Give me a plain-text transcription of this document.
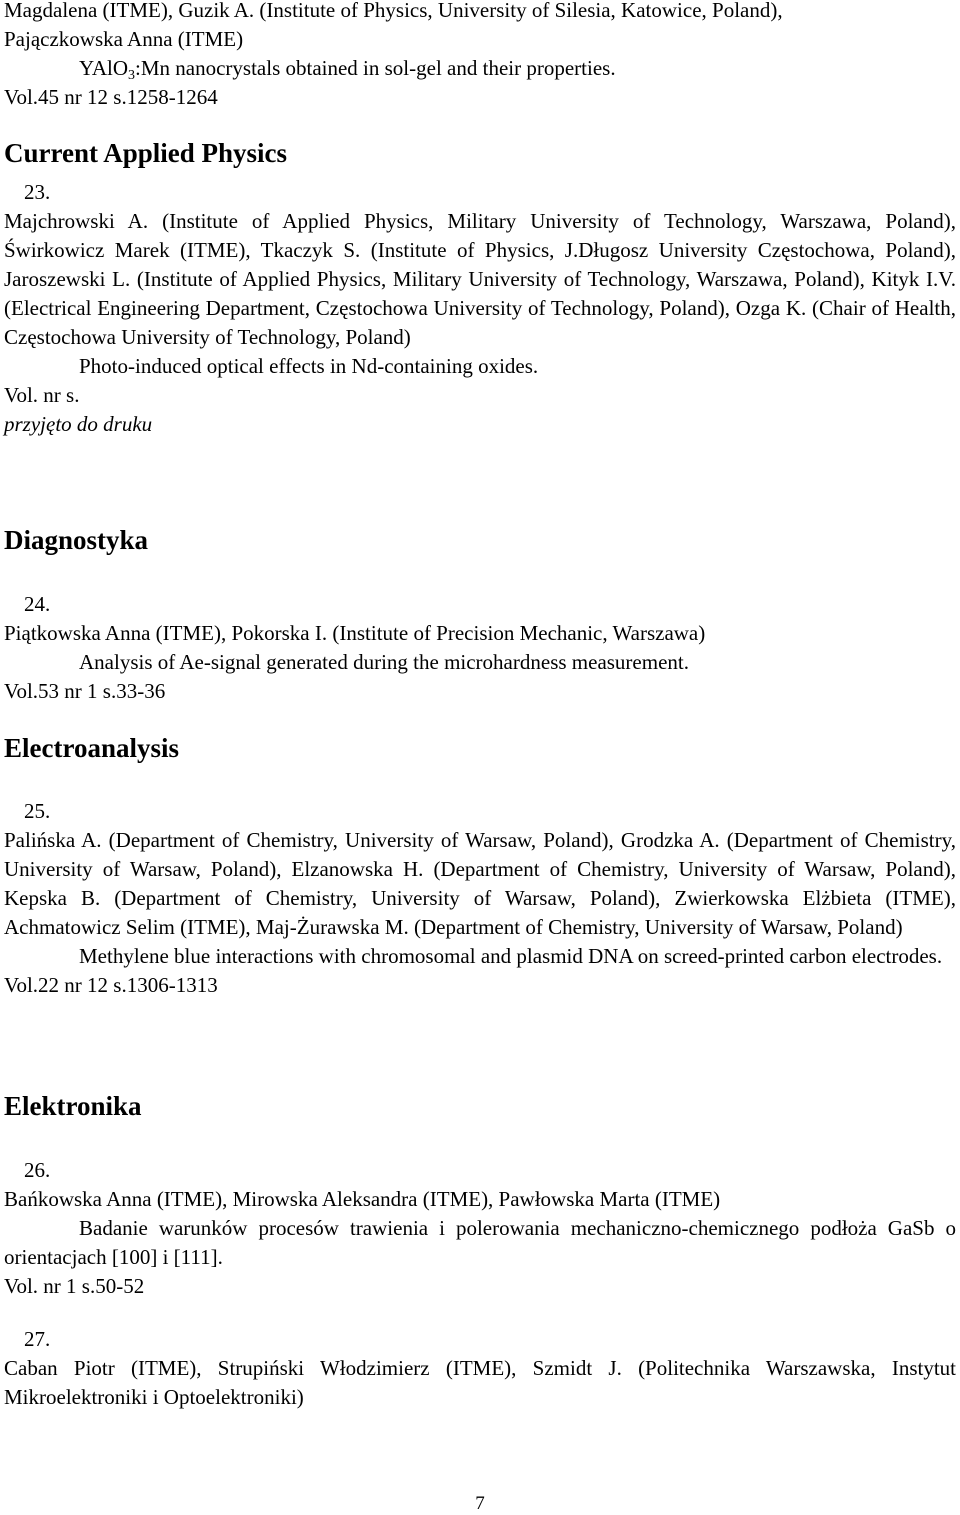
Magdalena (ITME), Guzik A. (Institute of Physics, University of Silesia, Katowice, Poland),
Pajączkowska Anna (ITME)
YAlO$_3$:Mn nanocrystals obtained in sol-gel and their properties.
Vol.45 nr 12 s.1258-1264
Current Applied Physics
23.
Majchrowski A. (Institute of Applied Physics, Military University of Technology, Warszawa, Poland), Świrkowicz Marek (ITME), Tkaczyk S. (Institute of Physics, J.Długosz University Częstochowa, Poland), Jaroszewski L. (Institute of Applied Physics, Military University of Technology, Warszawa, Poland), Kityk I.V. (Electrical Engineering Department, Częstochowa University of Technology, Poland), Ozga K. (Chair of Health, Częstochowa University of Technology, Poland)
Photo-induced optical effects in Nd-containing oxides.
Vol. nr s.
przyjęto do druku
Diagnostyka
24.
Piątkowska Anna (ITME), Pokorska I. (Institute of Precision Mechanic, Warszawa)
Analysis of Ae-signal generated during the microhardness measurement.
Vol.53 nr 1 s.33-36
Electroanalysis
25.
Palińska A. (Department of Chemistry, University of Warsaw, Poland), Grodzka A. (Department of Chemistry, University of Warsaw, Poland), Elzanowska H. (Department of Chemistry, University of Warsaw, Poland), Kepska B. (Department of Chemistry, University of Warsaw, Poland), Zwierkowska Elżbieta (ITME), Achmatowicz Selim (ITME), Maj-Żurawska M. (Department of Chemistry, University of Warsaw, Poland)
Methylene blue interactions with chromosomal and plasmid DNA on screed-printed carbon electrodes.
Vol.22 nr 12 s.1306-1313
Elektronika
26.
Bańkowska Anna (ITME), Mirowska Aleksandra (ITME), Pawłowska Marta (ITME)
Badanie warunków procesów trawienia i polerowania mechaniczno-chemicznego podłoża GaSb o orientacjach [100] i [111].
Vol. nr 1 s.50-52
27.
Caban Piotr (ITME), Strupiński Włodzimierz (ITME), Szmidt J. (Politechnika Warszawska, Instytut Mikroelektroniki i Optoelektroniki)
7
